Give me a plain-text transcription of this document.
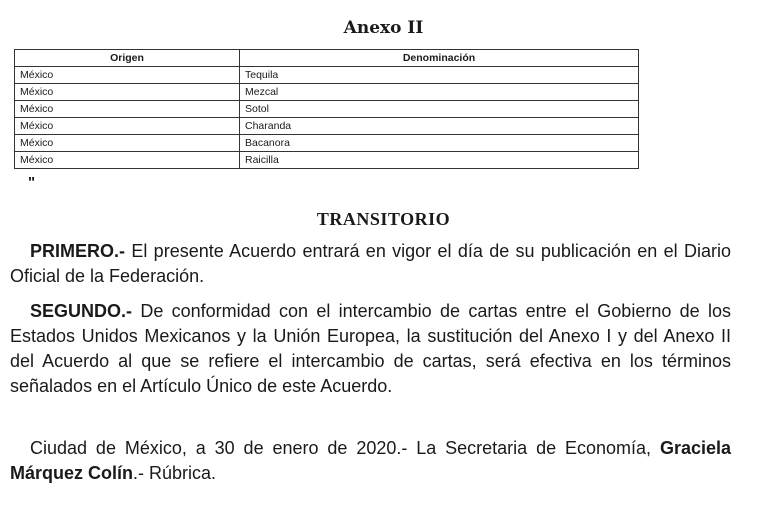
Anexo II
Origen	Denominación
México	Tequila
México	Mezcal
México	Sotol
México	Charanda
México	Bacanora
México	Raicilla
"
TRANSITORIO

PRIMERO.- El presente Acuerdo entrará en vigor el día de su publicación en el Diario Oficial de la Federación.

SEGUNDO.- De conformidad con el intercambio de cartas entre el Gobierno de los Estados Unidos Mexicanos y la Unión Europea, la sustitución del Anexo I y del Anexo II del Acuerdo al que se refiere el intercambio de cartas, será efectiva en los términos señalados en el Artículo Único de este Acuerdo.

Ciudad de México, a 30 de enero de 2020.- La Secretaria de Economía, Graciela Márquez Colín.- Rúbrica.
